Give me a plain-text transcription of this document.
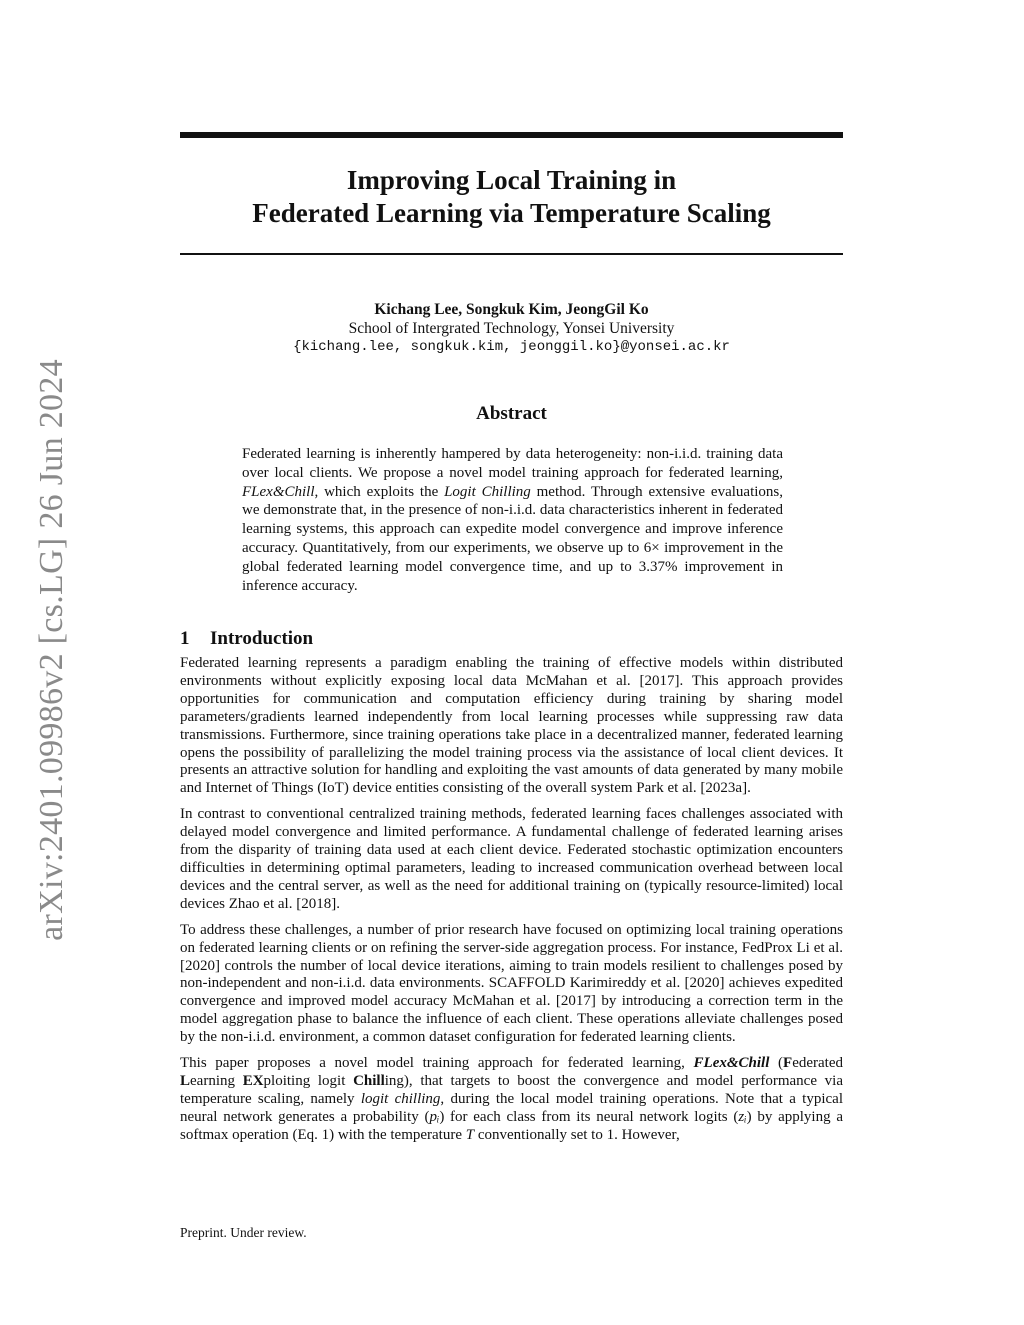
arXiv:2401.09986v2 [cs.LG] 26 Jun 2024
Improving Local Training in
Federated Learning via Temperature Scaling
Kichang Lee, Songkuk Kim, JeongGil Ko
School of Intergrated Technology, Yonsei University
{kichang.lee, songkuk.kim, jeonggil.ko}@yonsei.ac.kr
Abstract

Federated learning is inherently hampered by data heterogeneity: non-i.i.d. training data over local clients. We propose a novel model training approach for federated learning, FLex&Chill, which exploits the Logit Chilling method. Through extensive evaluations, we demonstrate that, in the presence of non-i.i.d. data characteristics inherent in federated learning systems, this approach can expedite model convergence and improve inference accuracy. Quantitatively, from our experiments, we observe up to 6× improvement in the global federated learning model convergence time, and up to 3.37% improvement in inference accuracy.

1 Introduction

Federated learning represents a paradigm enabling the training of effective models within distributed environments without explicitly exposing local data McMahan et al. [2017]. This approach provides opportunities for communication and computation efficiency during training by sharing model parameters/gradients learned independently from local learning processes while suppressing raw data transmissions. Furthermore, since training operations take place in a decentralized manner, federated learning opens the possibility of parallelizing the model training process via the assistance of local client devices. It presents an attractive solution for handling and exploiting the vast amounts of data generated by many mobile and Internet of Things (IoT) device entities consisting of the overall system Park et al. [2023a].

In contrast to conventional centralized training methods, federated learning faces challenges associated with delayed model convergence and limited performance. A fundamental challenge of federated learning arises from the disparity of training data used at each client device. Federated stochastic optimization encounters difficulties in determining optimal parameters, leading to increased communication overhead between local devices and the central server, as well as the need for additional training on (typically resource-limited) local devices Zhao et al. [2018].

To address these challenges, a number of prior research have focused on optimizing local training operations on federated learning clients or on refining the server-side aggregation process. For instance, FedProx Li et al. [2020] controls the number of local device iterations, aiming to train models resilient to challenges posed by non-independent and non-i.i.d. data environments. SCAFFOLD Karimireddy et al. [2020] achieves expedited convergence and improved model accuracy McMahan et al. [2017] by introducing a correction term in the model aggregation phase to balance the influence of each client. These operations alleviate challenges posed by the non-i.i.d. environment, a common dataset configuration for federated learning clients.

This paper proposes a novel model training approach for federated learning, FLex&Chill (Federated Learning EXploiting logit Chilling), that targets to boost the convergence and model performance via temperature scaling, namely logit chilling, during the local model training operations. Note that a typical neural network generates a probability (pᵢ) for each class from its neural network logits (zᵢ) by applying a softmax operation (Eq. 1) with the temperature T conventionally set to 1. However,

Preprint. Under review.
